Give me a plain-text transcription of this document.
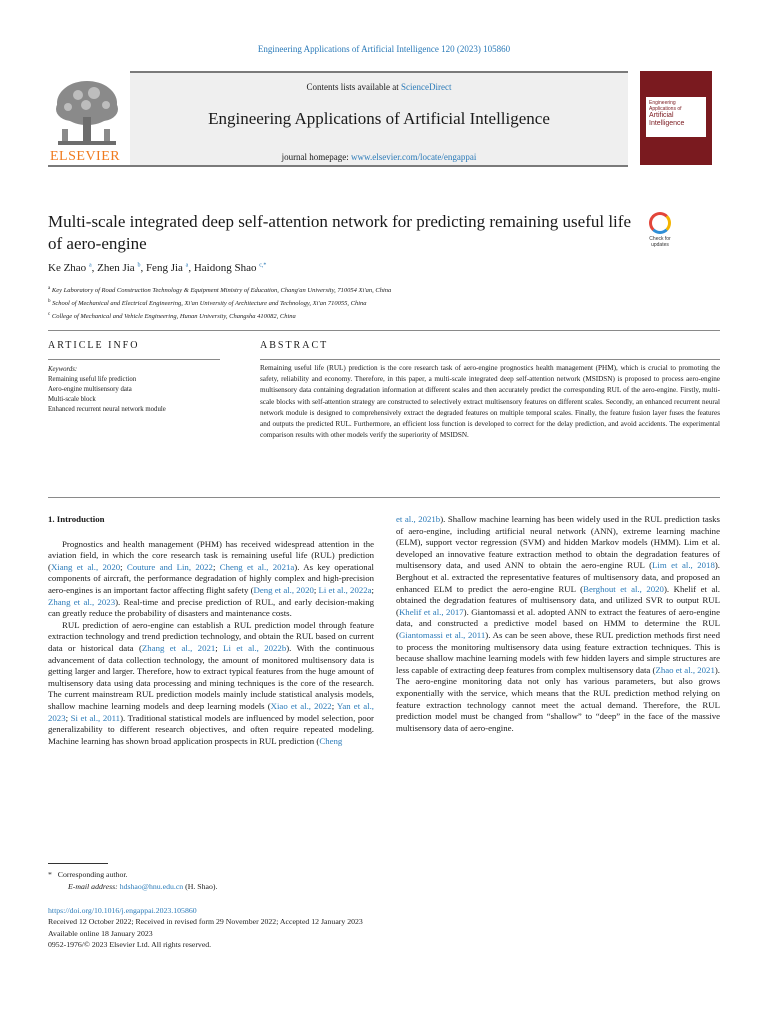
Engineering Applications of Artificial Intelligence 120 (2023) 105860
ELSEVIER
Contents lists available at ScienceDirect
Engineering Applications of Artificial Intelligence
journal homepage: www.elsevier.com/locate/engappai
Engineering Applications of
Artificial
Intelligence
Multi-scale integrated deep self-attention network for predicting remaining useful life of aero-engine	Check for updates
Ke Zhao $^a$, Zhen Jia $^b$, Feng Jia $^a$, Haidong Shao $^{c,*}$
$^a$ Key Laboratory of Road Construction Technology & Equipment Ministry of Education, Chang'an University, 710054 Xi'an, China
$^b$ School of Mechanical and Electrical Engineering, Xi'an University of Architecture and Technology, Xi'an 710055, China
$^c$ College of Mechanical and Vehicle Engineering, Hunan University, Changsha 410082, China
ARTICLE INFO	ABSTRACT
Keywords:
Remaining useful life prediction
Aero-engine multisensory data
Multi-scale block
Enhanced recurrent neural network module
Remaining useful life (RUL) prediction is the core research task of aero-engine prognostics health management (PHM), which is crucial to promoting the safety, reliability and economy. Therefore, in this paper, a multi-scale integrated deep self-attention network (MSIDSN) is proposed to process aero-engine multisensory data containing degradation information at different scales and then accurately predict the corresponding RUL of the aero-engine. Firstly, multi-scale blocks with self-attention strategy are constructed to selectively extract multisensory features on different scales. Secondly, an enhanced recurrent neural network module is designed to comprehensively extract the degraded features on multiple temporal scales. Finally, the feature fusion layer fuses the features and outputs the predicted RUL. Furthermore, an efficient loss function is developed to correct for the delay prediction, and avoid accidents. The experimental comparison results with other models verify the superiority of MSIDSN.
1. Introduction

Prognostics and health management (PHM) has received widespread attention in the aviation field, in which the core research task is remaining useful life (RUL) prediction (Xiang et al., 2020; Couture and Lin, 2022; Cheng et al., 2021a). As key operational components of aircraft, the performance degradation of highly complex and high-precision aero-engines is an important factor affecting flight safety (Deng et al., 2020; Li et al., 2022a; Zhang et al., 2023). Real-time and precise prediction of RUL, and early decision-making can greatly reduce the probability of disasters and maintenance costs.

RUL prediction of aero-engine can establish a RUL prediction model through feature extraction technology and trend prediction technology, and obtain the RUL based on current data or historical data (Zhang et al., 2021; Li et al., 2022b). With the continuous advancement of data collection technology, the amount of monitored multisensory data is getting larger and larger. Therefore, how to extract typical features from the huge amount of multisensory data using data processing and mining techniques is the core of the research. The current mainstream RUL prediction models mainly include statistical analysis models, shallow machine learning models and deep learning models (Xiao et al., 2022; Yan et al., 2023; Si et al., 2011). Traditional statistical models are influenced by model selection, poor generalizability to different research objectives, and often require repeated modeling. Machine learning has shown broad application prospects in RUL prediction (Cheng

et al., 2021b). Shallow machine learning has been widely used in the RUL prediction tasks of aero-engine, including artificial neural network (ANN), extreme learning machine (ELM), support vector regression (SVM) and hidden Markov models (HMM). Lim et al. developed an innovative feature extraction method to obtain the degradation features of multisensory data, and used ANN to obtain the aero-engine RUL (Lim et al., 2018). Berghout et al. extracted the representative features of multisensory data, and proposed an enhanced ELM to predict the aero-engine RUL (Berghout et al., 2020). Khelif et al. obtained the degradation features of multisensory data, and utilized SVR to output RUL (Khelif et al., 2017). Giantomassi et al. adopted ANN to extract the features of aero-engine data, and constructed a predictive model based on HMM to determine the RUL (Giantomassi et al., 2011). As can be seen above, these RUL prediction methods first need to process the monitoring multisensory data using feature extraction techniques. This is because shallow machine learning models with few hidden layers and simple structures are less capable of extracting deep features from complex multisensory data (Zhao et al., 2021). The aero-engine monitoring data not only has various parameters, but also grows exponentially with the service, which means that the RUL prediction method relying on feature extraction technology cannot meet the actual demand. Therefore, the RUL prediction model must be changed from “shallow” to “deep” in the face of the massive multisensory data of aero-engine.

* Corresponding author.
E-mail address: hdshao@hnu.edu.cn (H. Shao).
https://doi.org/10.1016/j.engappai.2023.105860
Received 12 October 2022; Received in revised form 29 November 2022; Accepted 12 January 2023
Available online 18 January 2023
0952-1976/© 2023 Elsevier Ltd. All rights reserved.
